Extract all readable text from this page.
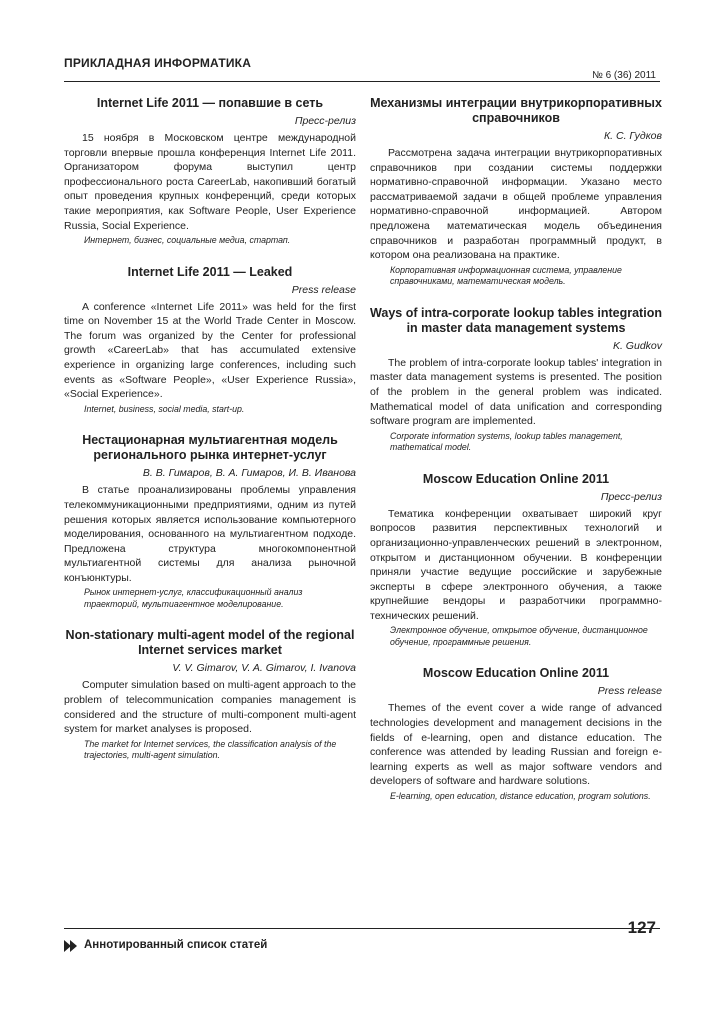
ПРИКЛАДНАЯ ИНФОРМАТИКА
№ 6 (36) 2011
Internet Life 2011 — попавшие в сеть
Пресс-релиз
15 ноября в Московском центре международной торговли впервые прошла конференция Internet Life 2011. Организатором форума выступил центр профессионального роста CareerLab, накопивший богатый опыт проведения крупных конференций, среди которых такие мероприятия, как Software People, User Experience Russia, Social Experience.
Интернет, бизнес, социальные медиа, стартап.
Internet Life 2011 — Leaked
Press release
A conference «Internet Life 2011» was held for the first time on November 15 at the World Trade Center in Moscow. The forum was organized by the Center for professional growth «CareerLab» that has accumulated extensive experience in organizing large conferences, including such events as «Software People», «User Experience Russia», «Social Experience».
Internet, business, social media, start-up.
Нестационарная мультиагентная модель регионального рынка интернет-услуг
В. В. Гимаров, В. А. Гимаров, И. В. Иванова
В статье проанализированы проблемы управления телекоммуникационными предприятиями, одним из путей решения которых является использование компьютерного моделирования, основанного на мультиагентном подходе. Предложена структура многокомпонентной мультиагентной системы для анализа рыночной конъюнктуры.
Рынок интернет-услуг, классификационный анализ траекторий, мультиагентное моделирование.
Non-stationary multi-agent model of the regional Internet services market
V. V. Gimarov, V. A. Gimarov, I. Ivanova
Computer simulation based on multi-agent approach to the problem of telecommunication companies management is considered and the structure of multi-component multi-agent system for market analyses is proposed.
The market for Internet services, the classification analysis of the trajectories, multi-agent simulation.
Механизмы интеграции внутрикорпоративных справочников
К. С. Гудков
Рассмотрена задача интеграции внутрикорпоративных справочников при создании системы поддержки нормативно-справочной информации. Указано место рассматриваемой задачи в общей проблеме управления нормативно-справочной информацией. Автором предложена математическая модель объединения справочников и разработан программный продукт, в котором она реализована на практике.
Корпоративная информационная система, управление справочниками, математическая модель.
Ways of intra-corporate lookup tables integration in master data management systems
K. Gudkov
The problem of intra-corporate lookup tables' integration in master data management systems is presented. The position of the problem in the general problem was indicated. Mathematical model of data unification and corresponding software program are implemented.
Corporate information systems, lookup tables management, mathematical model.
Moscow Education Online 2011
Пресс-релиз
Тематика конференции охватывает широкий круг вопросов развития перспективных технологий и организационно-управленческих решений в электронном, открытом и дистанционном обучении. В конференции приняли участие ведущие российские и зарубежные эксперты в сфере электронного обучения, а также крупнейшие вендоры и разработчики программно-технических решений.
Электронное обучение, открытое обучение, дистанционное обучение, программные решения.
Moscow Education Online 2011
Press release
Themes of the event cover a wide range of advanced technologies development and management decisions in the fields of e-learning, open and distance education. The conference was attended by leading Russian and foreign e-learning experts as well as major software vendors and developers of software and hardware solutions.
E-learning, open education, distance education, program solutions.
127
Аннотированный список статей
